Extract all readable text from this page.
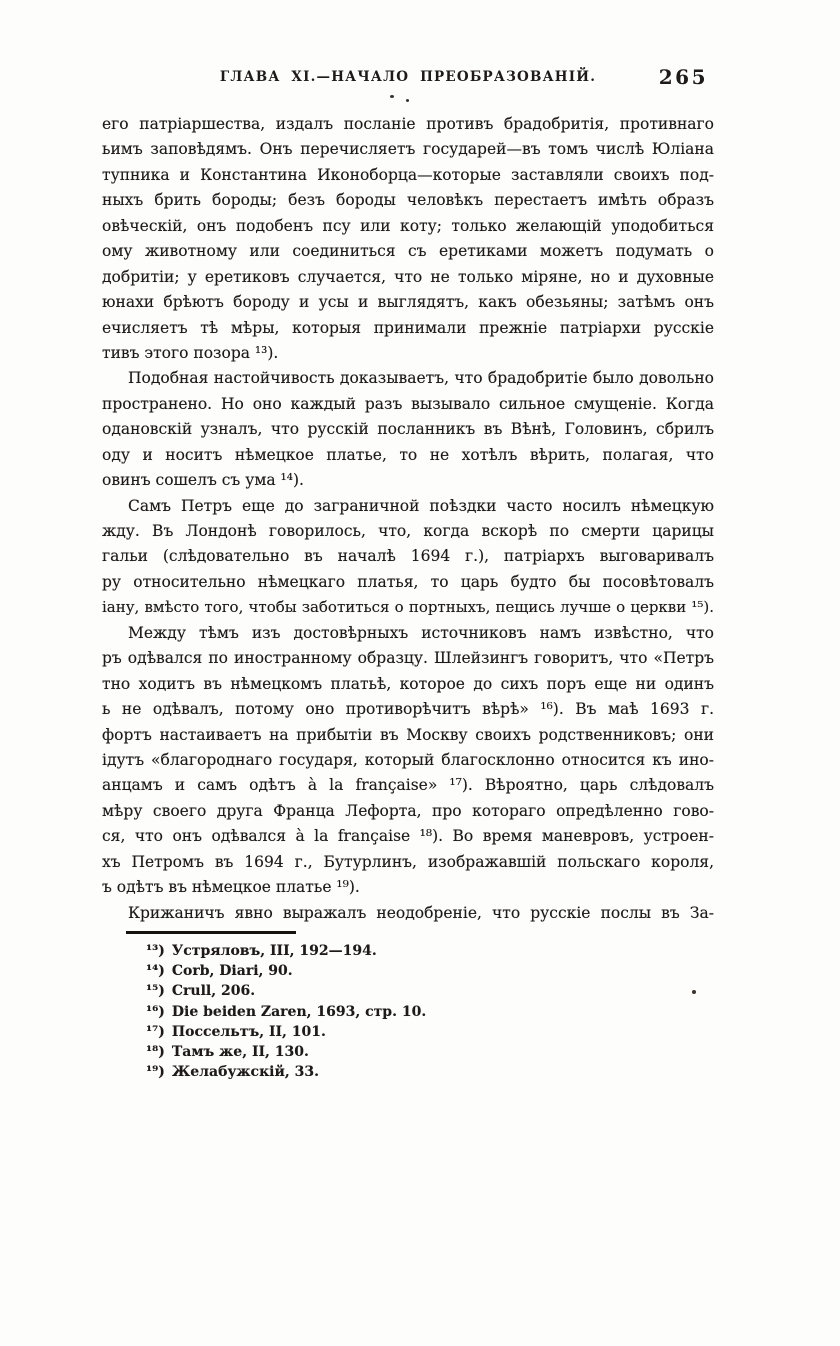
ГЛАВА XI.—НАЧАЛО ПРЕОБРАЗОВАНІЙ.	265
его патріаршества, издалъ посланіе противъ брадобритія, противнаго
ьимъ заповѣдямъ. Онъ перечисляетъ государей—въ томъ числѣ Юліана
тупника и Константина Иконоборца—которые заставляли своихъ под-
ныхъ брить бороды; безъ бороды человѣкъ перестаетъ имѣть образъ
овѣческій, онъ подобенъ псу или коту; только желающій уподобиться
ому животному или соединиться съ еретиками можетъ подумать о
добритіи; у еретиковъ случается, что не только міряне, но и духовные
юнахи брѣютъ бороду и усы и выглядятъ, какъ обезьяны; затѣмъ онъ
ечисляетъ тѣ мѣры, которыя принимали прежніе патріархи русскіе
тивъ этого позора ¹³).
Подобная настойчивость доказываетъ, что брадобритіе было довольно
пространено. Но оно каждый разъ вызывало сильное смущеніе. Когда
одановскій узналъ, что русскій посланникъ въ Вѣнѣ, Головинъ, сбрилъ
оду и носитъ нѣмецкое платье, то не хотѣлъ вѣрить, полагая, что
овинъ сошелъ съ ума ¹⁴).
Самъ Петръ еще до заграничной поѣздки часто носилъ нѣмецкую
жду. Въ Лондонѣ говорилось, что, когда вскорѣ по смерти царицы
гальи (слѣдовательно въ началѣ 1694 г.), патріархъ выговаривалъ
ру относительно нѣмецкаго платья, то царь будто бы посовѣтовалъ
іану, вмѣсто того, чтобы заботиться о портныхъ, пещись лучше о церкви ¹⁵).
Между тѣмъ изъ достовѣрныхъ источниковъ намъ извѣстно, что
ръ одѣвался по иностранному образцу. Шлейзингъ говоритъ, что «Петръ
тно ходитъ въ нѣмецкомъ платьѣ, которое до сихъ поръ еще ни одинъ
ь не одѣвалъ, потому оно противорѣчитъ вѣрѣ» ¹⁶). Въ маѣ 1693 г.
фортъ настаиваетъ на прибытіи въ Москву своихъ родственниковъ; они
ідутъ «благороднаго государя, который благосклонно относится къ ино-
анцамъ и самъ одѣтъ à la française» ¹⁷). Вѣроятно, царь слѣдовалъ
мѣру своего друга Франца Лефорта, про котораго опредѣленно гово-
ся, что онъ одѣвался à la française ¹⁸). Во время маневровъ, устроен-
хъ Петромъ въ 1694 г., Бутурлинъ, изображавшій польскаго короля,
ъ одѣтъ въ нѣмецкое платье ¹⁹).
Крижаничъ явно выражалъ неодобреніе, что русскіе послы въ За-
¹³) Устряловъ, III, 192—194.
¹⁴) Corb, Diari, 90.
¹⁵) Crull, 206.
¹⁶) Die beiden Zaren, 1693, стр. 10.
¹⁷) Поссельтъ, II, 101.
¹⁸) Тамъ же, II, 130.
¹⁹) Желабужскій, 33.
